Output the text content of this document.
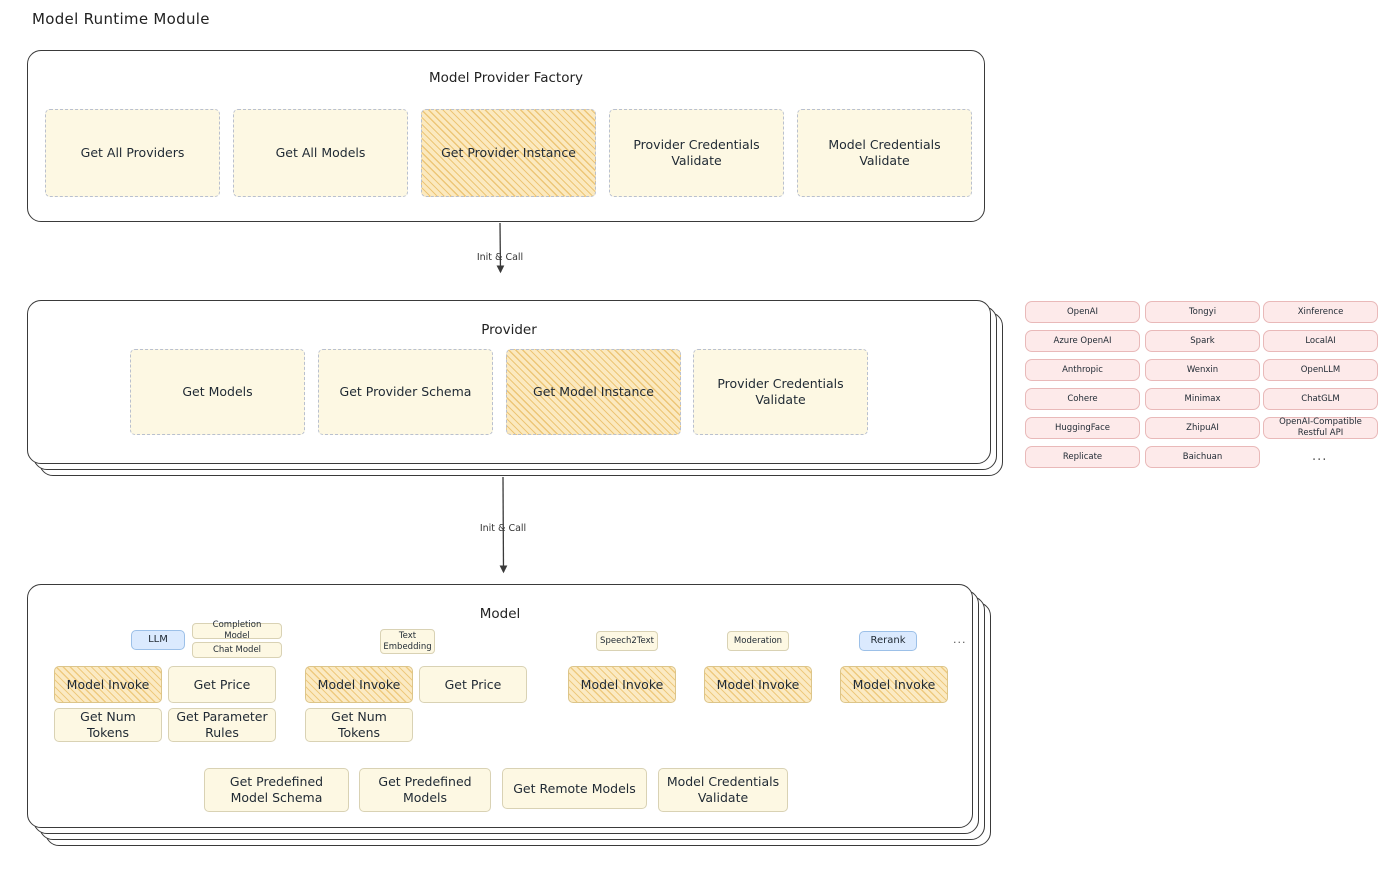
Model Runtime Module
Model Provider Factory
Get All Providers	Get All Models	Get Provider Instance
Provider Credentials Validate
Model Credentials Validate
Init & Call
Provider
Get Models	Get Provider Schema	Get Model Instance
Provider Credentials Validate
OpenAI
Azure OpenAI
Anthropic
Cohere
HuggingFace
Replicate
Tongyi
Spark
Wenxin
Minimax
ZhipuAI
Baichuan
Xinference
LocalAI
OpenLLM
ChatGLM
OpenAI-Compatible Restful API
...
Init & Call
Model
LLM
Completion Model
Chat Model
Text Embedding
Speech2Text	Moderation	Rerank	...
Model Invoke	Get Price
Get Num Tokens
Get Parameter Rules
Model Invoke	Get Price
Get Num Tokens
Model Invoke	Model Invoke	Model Invoke
Get Predefined Model Schema
Get Predefined Models
Get Remote Models	Model Credentials Validate
